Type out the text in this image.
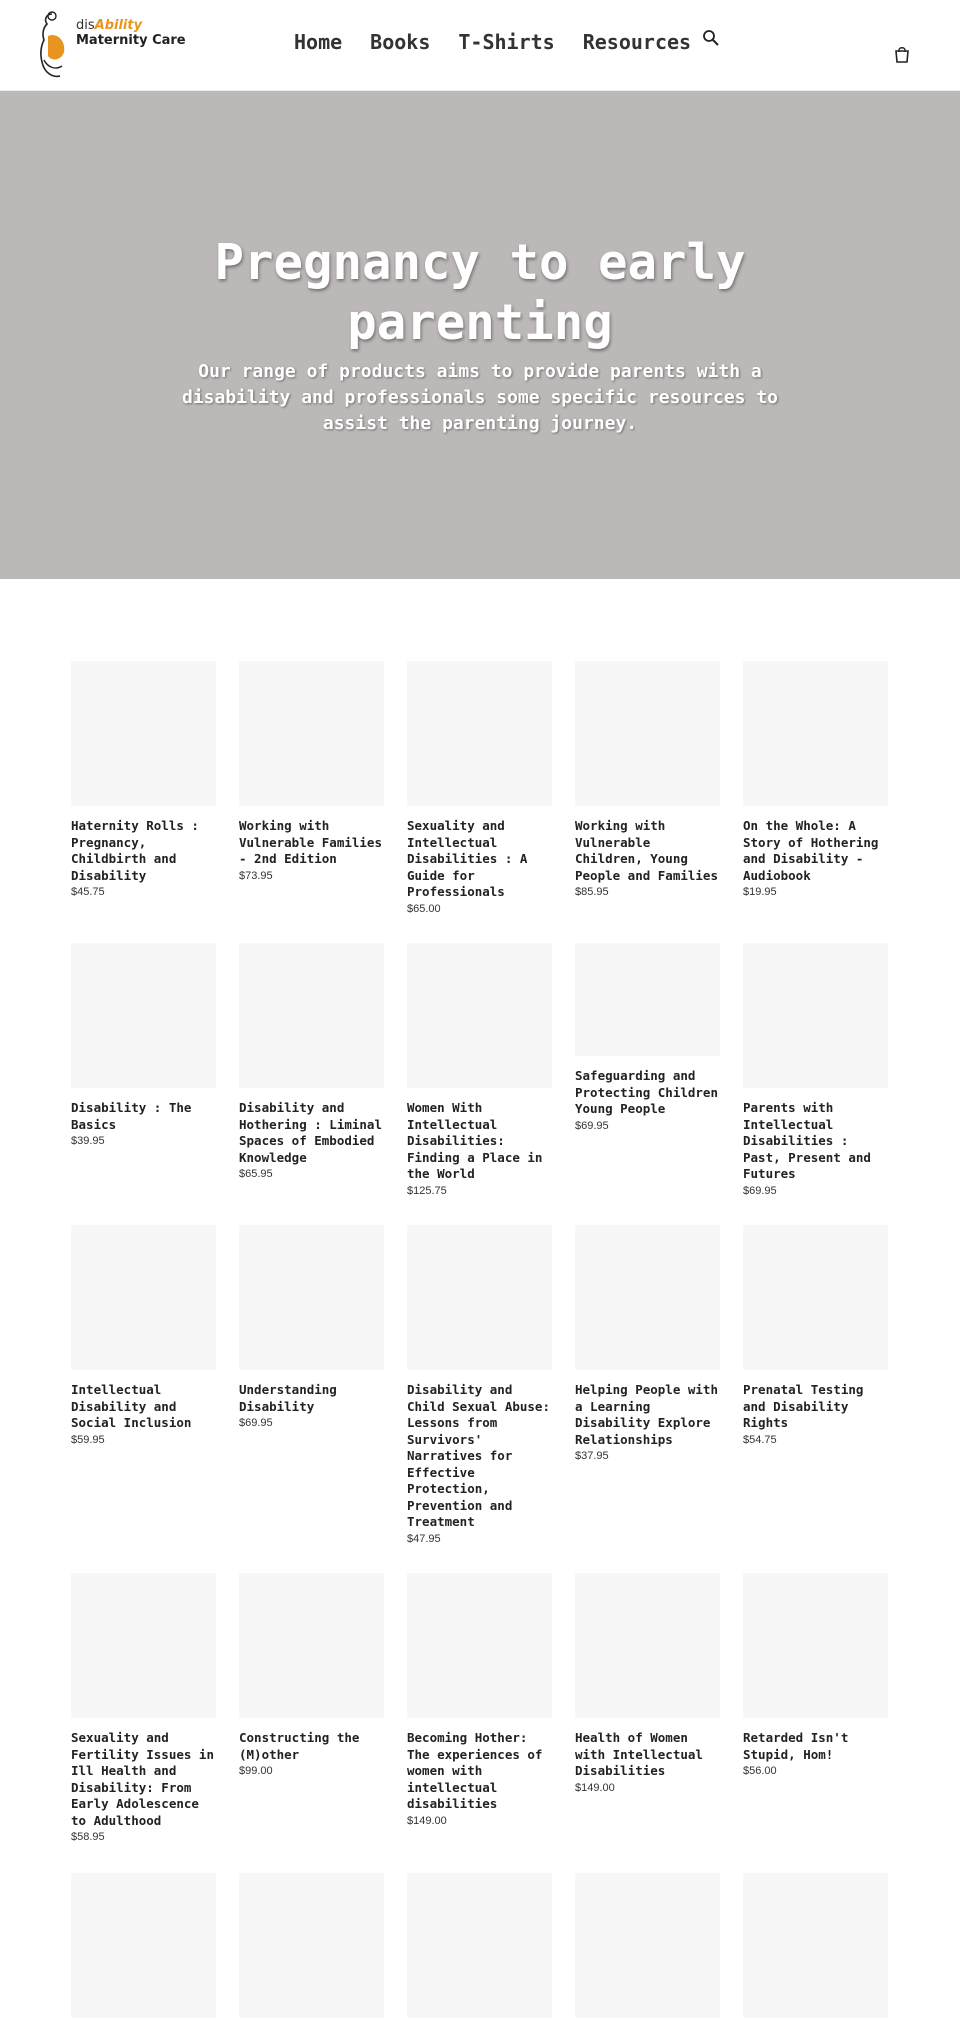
disAbility
Maternity Care	Home Books T-Shirts Resources
Pregnancy to early parenting

Our range of products aims to provide parents with a disability and professionals some specific resources to assist the parenting journey.

Haternity Rolls : Pregnancy, Childbirth and Disability
$45.75
Working with Vulnerable Families - 2nd Edition
$73.95
Sexuality and Intellectual Disabilities : A Guide for Professionals
$65.00
Working with Vulnerable Children, Young People and Families
$85.95
On the Whole: A Story of Hothering and Disability - Audiobook
$19.95
Disability : The Basics
$39.95
Disability and Hothering : Liminal Spaces of Embodied Knowledge
$65.95
Women With Intellectual Disabilities: Finding a Place in the World
$125.75
Safeguarding and Protecting Children Young People
$69.95
Parents with Intellectual Disabilities : Past, Present and Futures
$69.95
Intellectual Disability and Social Inclusion
$59.95
Understanding Disability
$69.95
Disability and Child Sexual Abuse: Lessons from Survivors' Narratives for Effective Protection, Prevention and Treatment
$47.95
Helping People with a Learning Disability Explore Relationships
$37.95
Prenatal Testing and Disability Rights
$54.75
Sexuality and Fertility Issues in Ill Health and Disability: From Early Adolescence to Adulthood
$58.95
Constructing the (M)other
$99.00
Becoming Hother: The experiences of women with intellectual disabilities
$149.00
Health of Women with Intellectual Disabilities
$149.00
Retarded Isn't Stupid, Hom!
$56.00
